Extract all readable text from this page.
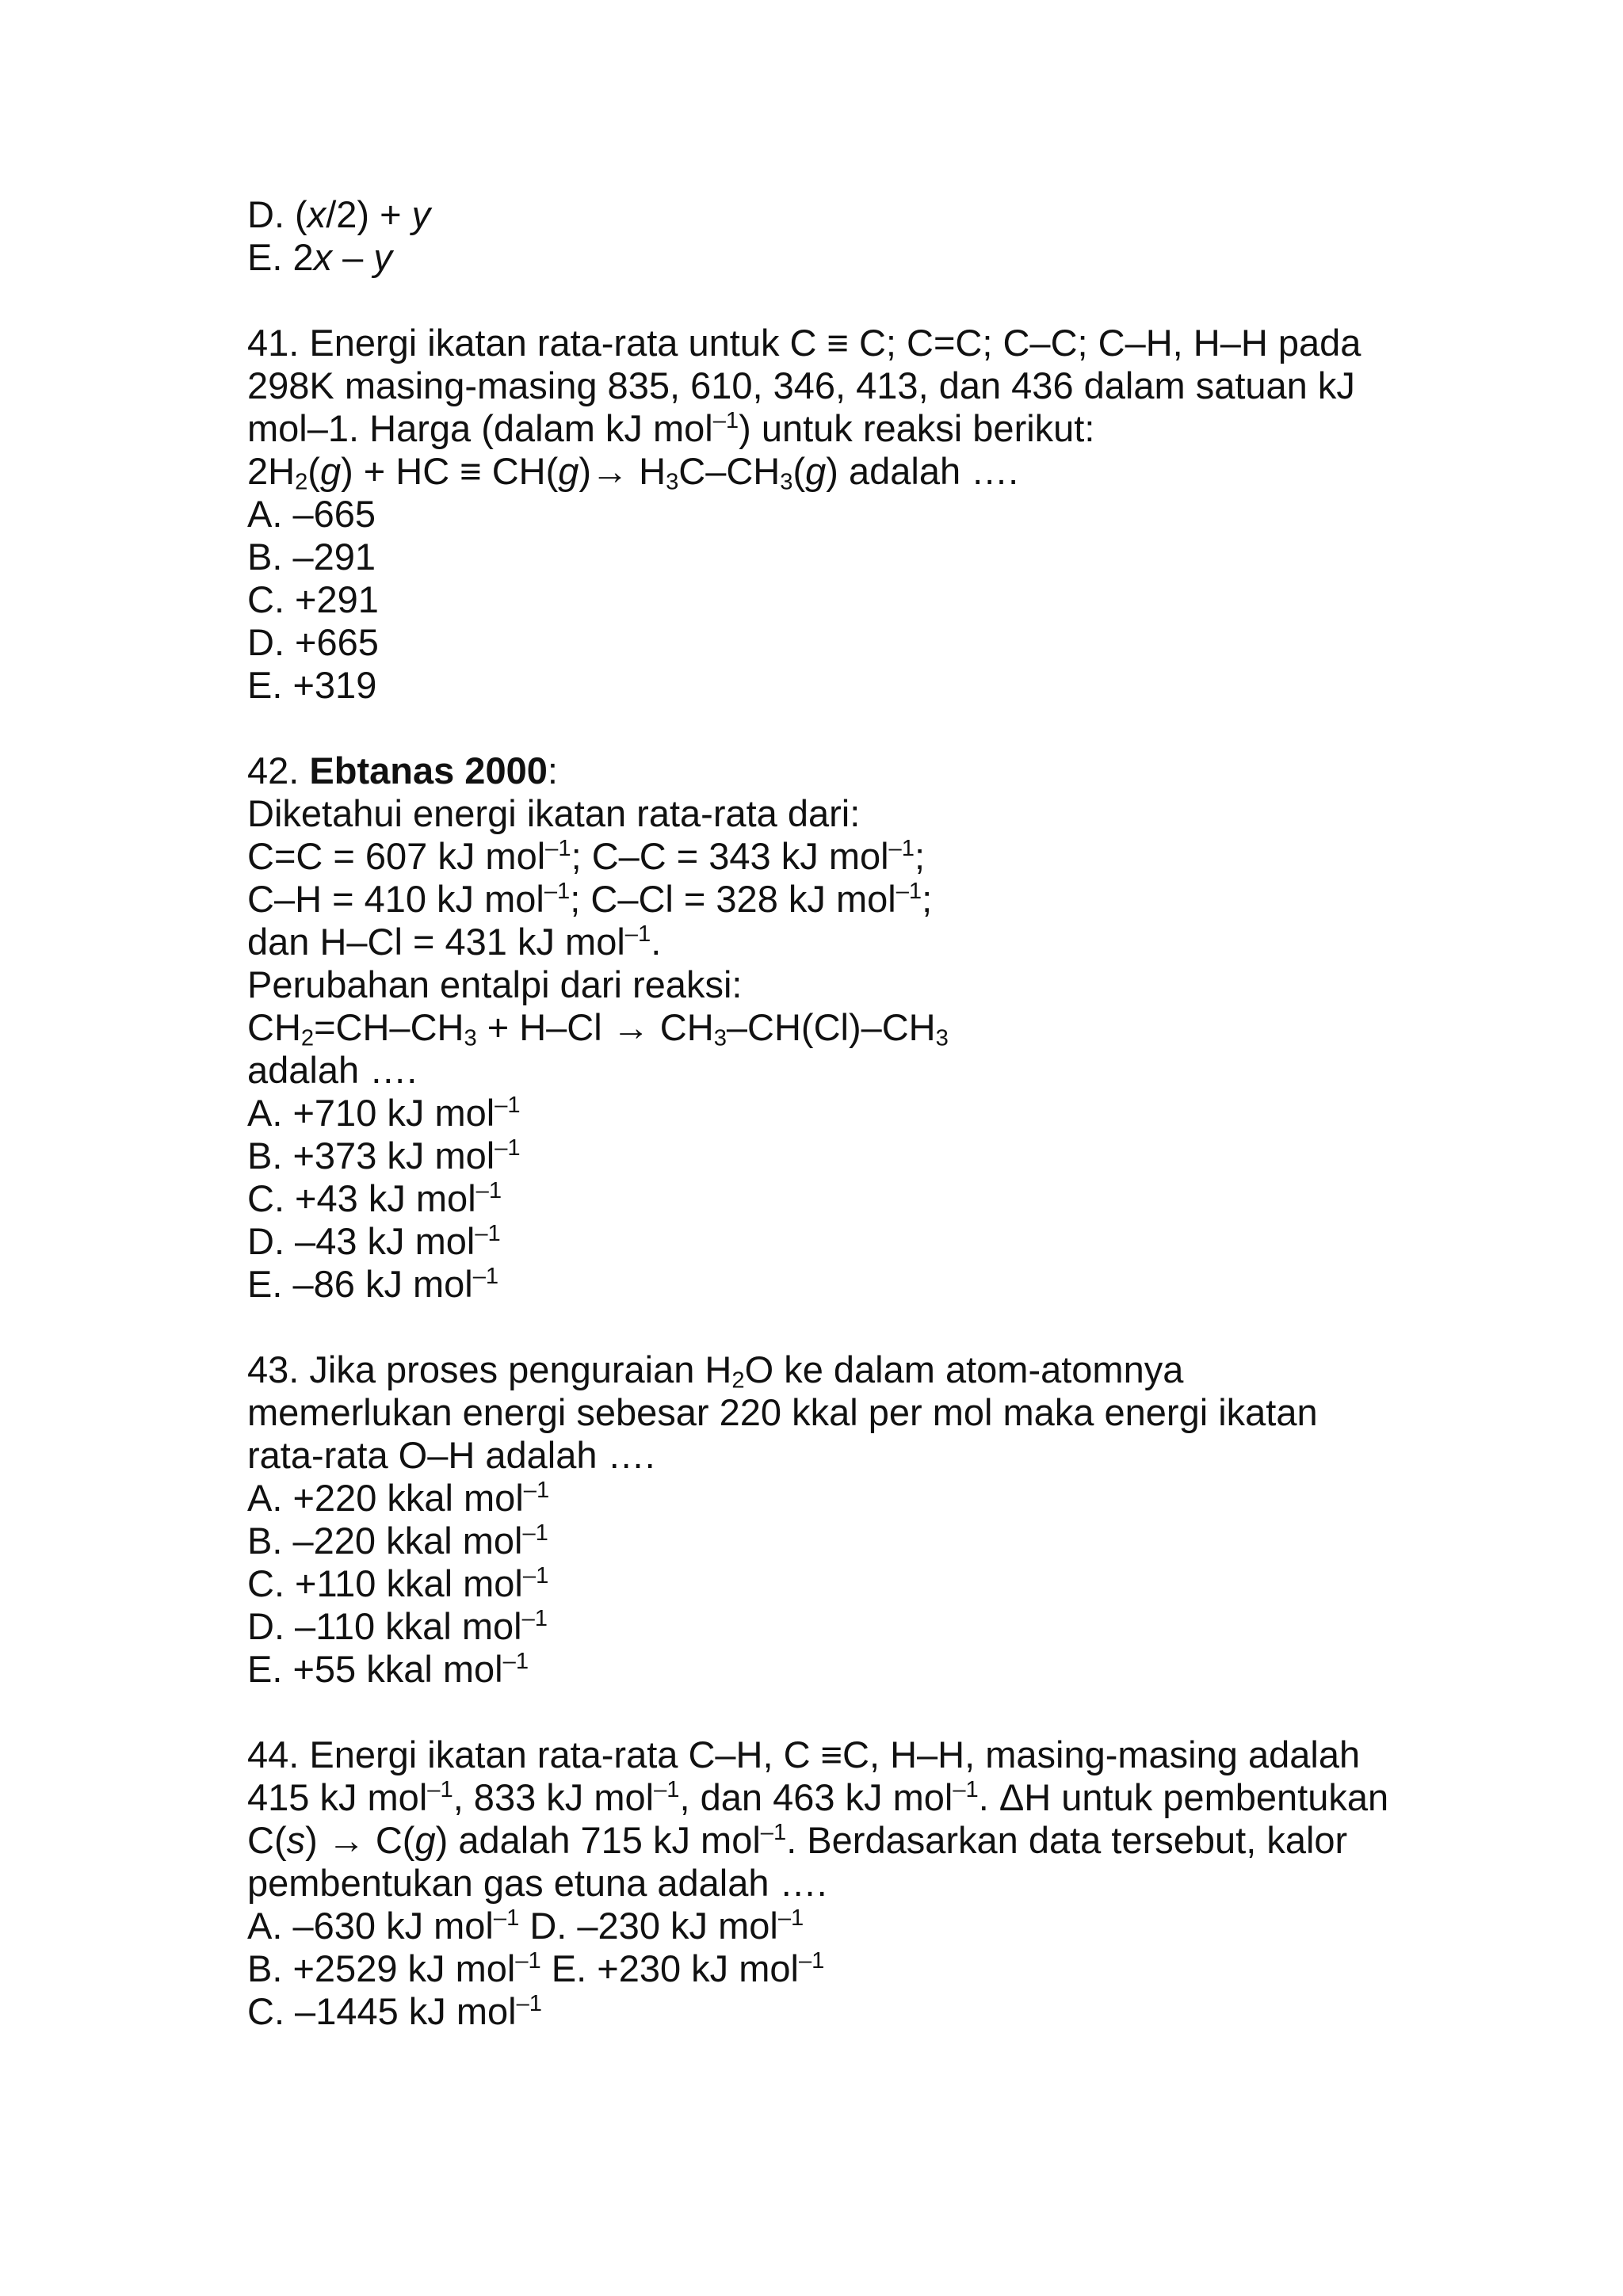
D. (x/2) + y
E. 2x – y
41. Energi ikatan rata-rata untuk C ≡ C; C=C; C–C; C–H, H–H pada
298K masing-masing 835, 610, 346, 413, dan 436 dalam satuan kJ
mol–1. Harga (dalam kJ mol$^{-1}$) untuk reaksi berikut:
$2H_2(g)$ + HC ≡ $CH(g)\to H_3C-CH_3(g)$ adalah ….
A. –665
B. –291
C. +291
D. +665
E. +319
42. Ebtanas 2000:
Diketahui energi ikatan rata-rata dari:
C=C = 607 kJ mol$^{-1}$; C–C = 343 kJ mol$^{-1}$;
C–H = 410 kJ mol$^{-1}$; C–Cl = 328 kJ mol$^{-1}$;
dan H–Cl = 431 kJ mol$^{-1}$.
Perubahan entalpi dari reaksi:
$CH_2=CH-CH_3 + H-Cl \to CH_3-CH(Cl)-CH_3$
adalah ….
A. +710 kJ mol$^{-1}$
B. +373 kJ mol$^{-1}$
C. +43 kJ mol$^{-1}$
D. –43 kJ mol$^{-1}$
E. –86 kJ mol$^{-1}$
43. Jika proses penguraian $H_2O$ ke dalam atom-atomnya
memerlukan energi sebesar 220 kkal per mol maka energi ikatan
rata-rata O–H adalah ….
A. +220 kkal mol$^{-1}$
B. –220 kkal mol$^{-1}$
C. +110 kkal mol$^{-1}$
D. –110 kkal mol$^{-1}$
E. +55 kkal mol$^{-1}$
44. Energi ikatan rata-rata C–H, C ≡C, H–H, masing-masing adalah
415 kJ mol$^{-1}$, 833 kJ mol$^{-1}$, dan 463 kJ mol$^{-1}$. ΔH untuk pembentukan
C(s) → C(g) adalah 715 kJ mol$^{-1}$. Berdasarkan data tersebut, kalor
pembentukan gas etuna adalah ….
A. –630 kJ mol$^{-1}$ D. –230 kJ mol$^{-1}$
B. +2529 kJ mol$^{-1}$ E. +230 kJ mol$^{-1}$
C. –1445 kJ mol$^{-1}$
